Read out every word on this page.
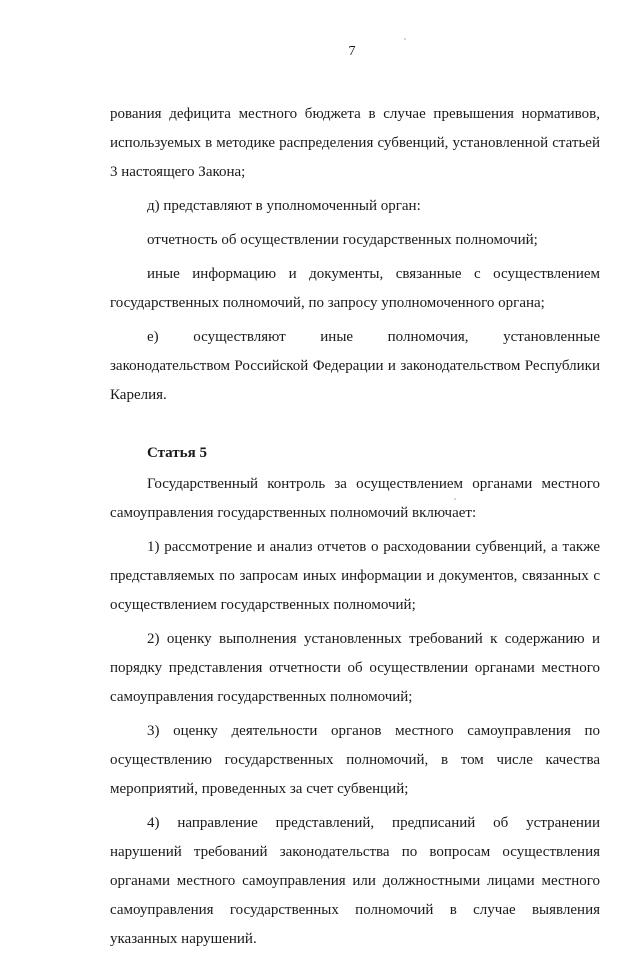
7

рования дефицита местного бюджета в случае превышения нормативов, используемых в методике распределения субвенций, установленной статьей 3 настоящего Закона;

д) представляют в уполномоченный орган:

отчетность об осуществлении государственных полномочий;

иные информацию и документы, связанные с осуществлением государственных полномочий, по запросу уполномоченного органа;

е) осуществляют иные полномочия, установленные законодательством Российской Федерации и законодательством Республики Карелия.

Статья 5

Государственный контроль за осуществлением органами местного самоуправления государственных полномочий включает:

1) рассмотрение и анализ отчетов о расходовании субвенций, а также представляемых по запросам иных информации и документов, связанных с осуществлением государственных полномочий;

2) оценку выполнения установленных требований к содержанию и порядку представления отчетности об осуществлении органами местного самоуправления государственных полномочий;

3) оценку деятельности органов местного самоуправления по осуществлению государственных полномочий, в том числе качества мероприятий, проведенных за счет субвенций;

4) направление представлений, предписаний об устранении нарушений требований законодательства по вопросам осуществления органами местного самоуправления или должностными лицами местного самоуправления государственных полномочий в случае выявления указанных нарушений.
